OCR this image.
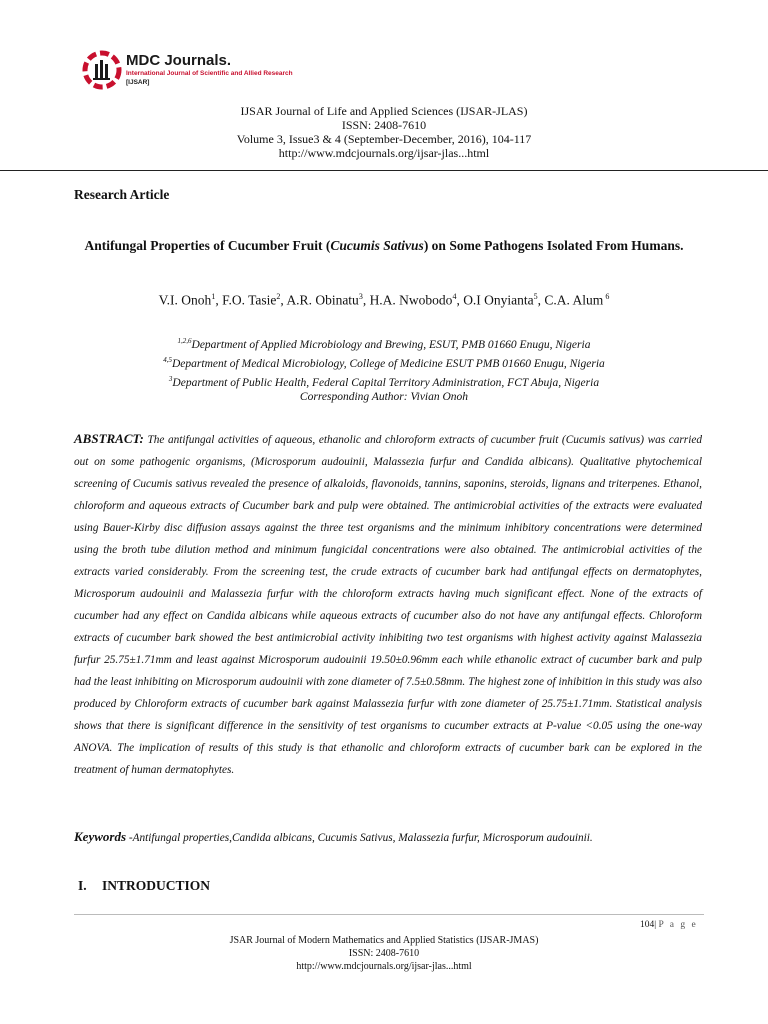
MDC Journals.
International Journal of Scientific and Allied Research
[IJSAR]
IJSAR Journal of Life and Applied Sciences (IJSAR-JLAS)
ISSN: 2408-7610
Volume 3, Issue3 & 4 (September-December, 2016), 104-117
http://www.mdcjournals.org/ijsar-jlas...html
Research Article
Antifungal Properties of Cucumber Fruit (Cucumis Sativus) on Some Pathogens Isolated From Humans.
V.I. Onoh$^1$, F.O. Tasie$^2$, A.R. Obinatu$^3$, H.A. Nwobodo$^4$, O.I Onyianta$^5$, C.A. Alum $^6$
$^{1,2,6}$Department of Applied Microbiology and Brewing, ESUT, PMB 01660 Enugu, Nigeria
$^{4,5}$Department of Medical Microbiology, College of Medicine ESUT PMB 01660 Enugu, Nigeria
$^3$Department of Public Health, Federal Capital Territory Administration, FCT Abuja, Nigeria
Corresponding Author: Vivian Onoh

ABSTRACT: The antifungal activities of aqueous, ethanolic and chloroform extracts of cucumber fruit (Cucumis sativus) was carried out on some pathogenic organisms, (Microsporum audouinii, Malassezia furfur and Candida albicans). Qualitative phytochemical screening of Cucumis sativus revealed the presence of alkaloids, flavonoids, tannins, saponins, steroids, lignans and triterpenes. Ethanol, chloroform and aqueous extracts of Cucumber bark and pulp were obtained. The antimicrobial activities of the extracts were evaluated using Bauer-Kirby disc diffusion assays against the three test organisms and the minimum inhibitory concentrations were determined using the broth tube dilution method and minimum fungicidal concentrations were also obtained. The antimicrobial activities of the extracts varied considerably. From the screening test, the crude extracts of cucumber bark had antifungal effects on dermatophytes, Microsporum audouinii and Malassezia furfur with the chloroform extracts having much significant effect. None of the extracts of cucumber had any effect on Candida albicans while aqueous extracts of cucumber also do not have any antifungal effects. Chloroform extracts of cucumber bark showed the best antimicrobial activity inhibiting two test organisms with highest activity against Malassezia furfur 25.75±1.71mm and least against Microsporum audouinii 19.50±0.96mm each while ethanolic extract of cucumber bark and pulp had the least inhibiting on Microsporum audouinii with zone diameter of 7.5±0.58mm. The highest zone of inhibition in this study was also produced by Chloroform extracts of cucumber bark against Malassezia furfur with zone diameter of 25.75±1.71mm. Statistical analysis shows that there is significant difference in the sensitivity of test organisms to cucumber extracts at P-value <0.05 using the one-way ANOVA. The implication of results of this study is that ethanolic and chloroform extracts of cucumber bark can be explored in the treatment of human dermatophytes.

Keywords -Antifungal properties,Candida albicans, Cucumis Sativus, Malassezia furfur, Microsporum audouinii.
I. INTRODUCTION
104| P a g e
JSAR Journal of Modern Mathematics and Applied Statistics (IJSAR-JMAS)
ISSN: 2408-7610
http://www.mdcjournals.org/ijsar-jlas...html
